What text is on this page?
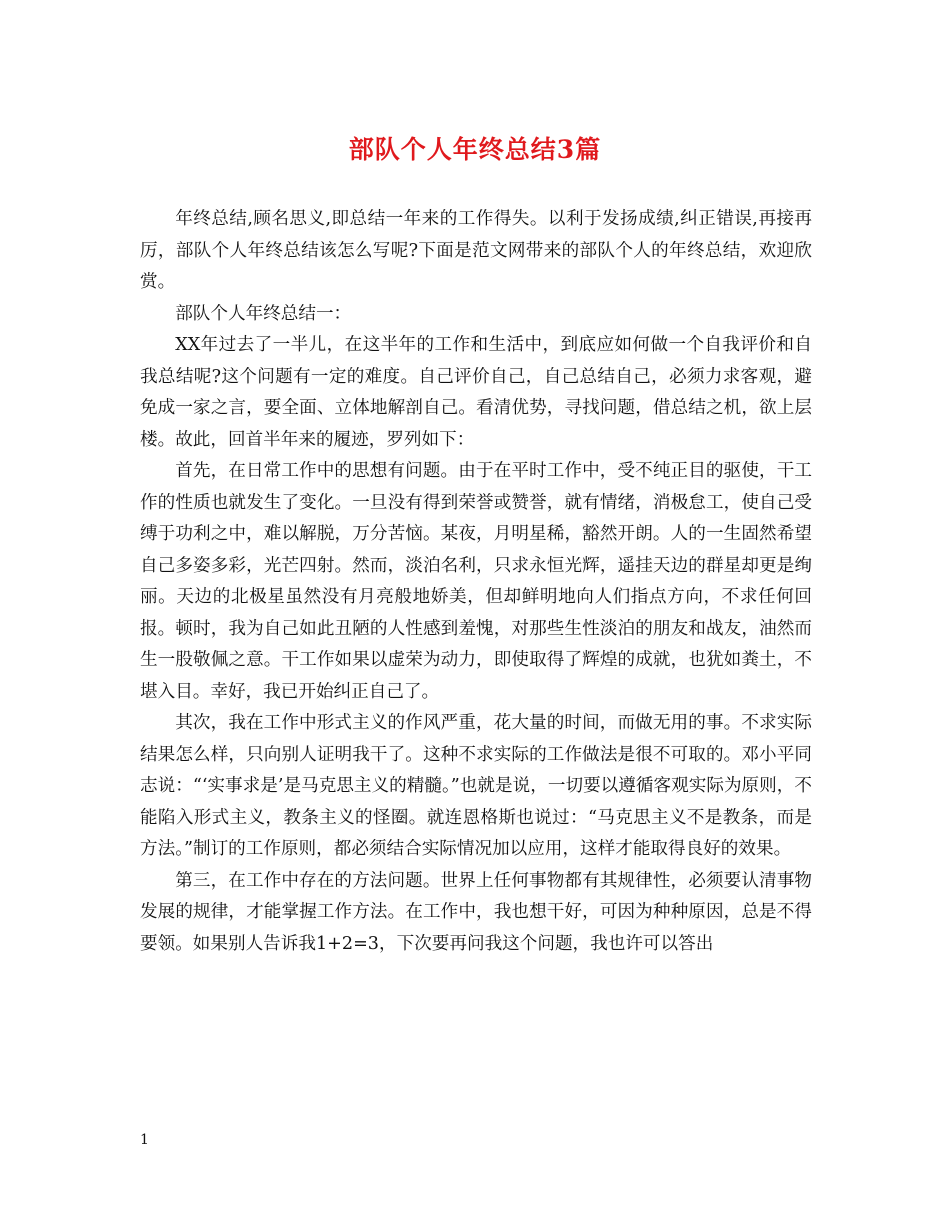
部队个人年终总结3篇

年终总结,顾名思义,即总结一年来的工作得失。以利于发扬成绩,纠正错误,再接再厉，部队个人年终总结该怎么写呢?下面是范文网带来的部队个人的年终总结，欢迎欣赏。

部队个人年终总结一：

XX年过去了一半儿，在这半年的工作和生活中，到底应如何做一个自我评价和自我总结呢?这个问题有一定的难度。自己评价自己，自己总结自己，必须力求客观，避免成一家之言，要全面、立体地解剖自己。看清优势，寻找问题，借总结之机，欲上层楼。故此，回首半年来的履迹，罗列如下：

首先，在日常工作中的思想有问题。由于在平时工作中，受不纯正目的驱使，干工作的性质也就发生了变化。一旦没有得到荣誉或赞誉，就有情绪，消极怠工，使自己受缚于功利之中，难以解脱，万分苦恼。某夜，月明星稀，豁然开朗。人的一生固然希望自己多姿多彩，光芒四射。然而，淡泊名利，只求永恒光辉，遥挂天边的群星却更是绚丽。天边的北极星虽然没有月亮般地娇美，但却鲜明地向人们指点方向，不求任何回报。顿时，我为自己如此丑陋的人性感到羞愧，对那些生性淡泊的朋友和战友，油然而生一股敬佩之意。干工作如果以虚荣为动力，即使取得了辉煌的成就，也犹如粪土，不堪入目。幸好，我已开始纠正自己了。

其次，我在工作中形式主义的作风严重，花大量的时间，而做无用的事。不求实际结果怎么样，只向别人证明我干了。这种不求实际的工作做法是很不可取的。邓小平同志说：“‘实事求是’是马克思主义的精髓。”也就是说，一切要以遵循客观实际为原则，不能陷入形式主义，教条主义的怪圈。就连恩格斯也说过：“马克思主义不是教条，而是方法。”制订的工作原则，都必须结合实际情况加以应用，这样才能取得良好的效果。

第三，在工作中存在的方法问题。世界上任何事物都有其规律性，必须要认清事物发展的规律，才能掌握工作方法。在工作中，我也想干好，可因为种种原因，总是不得要领。如果别人告诉我1+2=3，下次要再问我这个问题，我也许可以答出

1
